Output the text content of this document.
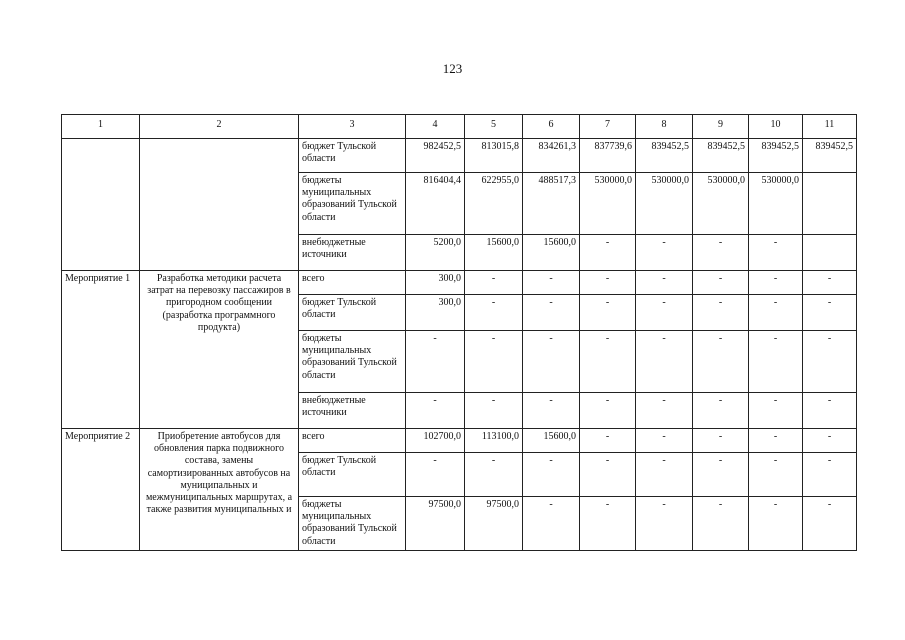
123
1	2	3	4	5	6	7	8	9	10	11
		бюджет Тульской области	982452,5	813015,8	834261,3	837739,6	839452,5	839452,5	839452,5	839452,5
		бюджеты муниципальных образований Тульской области	816404,4	622955,0	488517,3	530000,0	530000,0	530000,0	530000,0	
		внебюджетные источники	5200,0	15600,0	15600,0	-	-	-	-	
Мероприятие 1	Разработка методики расчета затрат на перевозку пассажиров в пригородном сообщении (разработка программного продукта)	всего	300,0	-	-	-	-	-	-	-
		бюджет Тульской области	300,0	-	-	-	-	-	-	-
		бюджеты муниципальных образований Тульской области	-	-	-	-	-	-	-	-
		внебюджетные источники	-	-	-	-	-	-	-	-
Мероприятие 2	Приобретение автобусов для обновления парка подвижного состава, замены самортизированных автобусов на муниципальных и межмуниципальных маршрутах, а также развития муниципальных и	всего	102700,0	113100,0	15600,0	-	-	-	-	-
		бюджет Тульской области	-	-	-	-	-	-	-	-
		бюджеты муниципальных образований Тульской области	97500,0	97500,0	-	-	-	-	-	-
